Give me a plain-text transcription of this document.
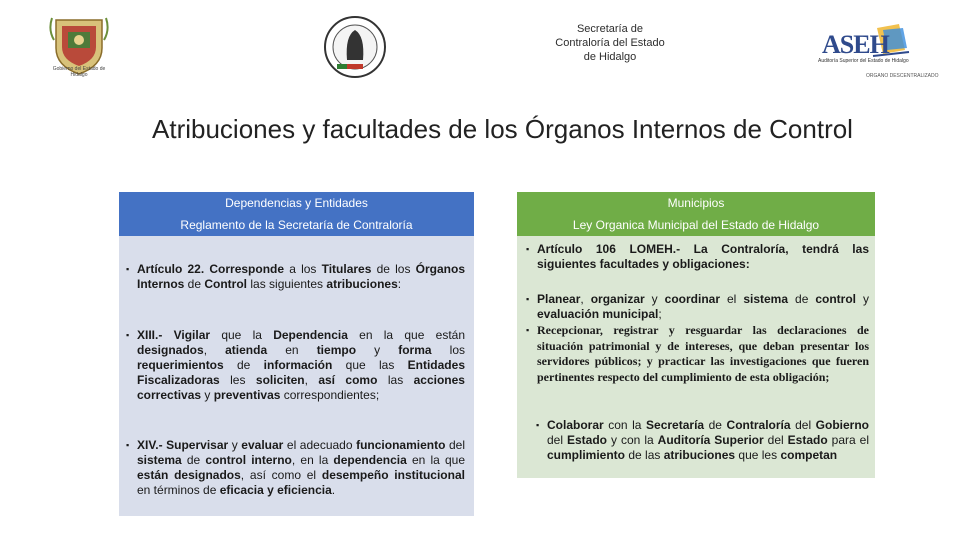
Gobierno del Estado de Hidalgo
ASEH
Auditoría Superior del Estado de Hidalgo
ORGANO DESCENTRALIZADO
Secretaría de
Contraloría del Estado
de Hidalgo
Atribuciones y facultades de los Órganos Internos de Control
Dependencias y Entidades
Reglamento de la Secretaría de Contraloría
▪ Artículo 22. Corresponde a los Titulares de los Órganos Internos de Control las siguientes atribuciones:
▪ XIII.- Vigilar que la Dependencia en la que están designados, atienda en tiempo y forma los requerimientos de información que las Entidades Fiscalizadoras les soliciten, así como las acciones correctivas y preventivas correspondientes;
▪ XIV.- Supervisar y evaluar el adecuado funcionamiento del sistema de control interno, en la dependencia en la que están designados, así como el desempeño institucional en términos de eficacia y eficiencia.
Municipios
Ley Organica Municipal del Estado de Hidalgo
▪ Artículo 106 LOMEH.- La Contraloría, tendrá las siguientes facultades y obligaciones:
▪ Planear, organizar y coordinar el sistema de control y evaluación municipal;
▪ Recepcionar, registrar y resguardar las declaraciones de situación patrimonial y de intereses, que deban presentar los servidores públicos; y practicar las investigaciones que fueren pertinentes respecto del cumplimiento de esta obligación;
▪ Colaborar con la Secretaría de Contraloría del Gobierno del Estado y con la Auditoría Superior del Estado para el cumplimiento de las atribuciones que les competan
